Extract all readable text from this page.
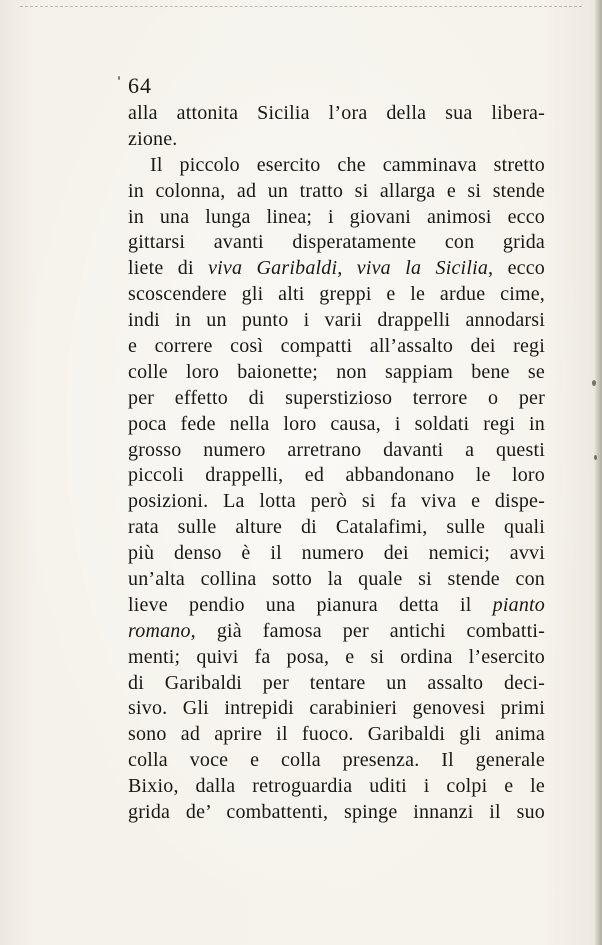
64
alla attonita Sicilia l’ora della sua libera-
zione.
Il piccolo esercito che camminava stretto
in colonna, ad un tratto si allarga e si stende
in una lunga linea; i giovani animosi ecco
gittarsi avanti disperatamente con grida
liete di viva Garibaldi, viva la Sicilia, ecco
scoscendere gli alti greppi e le ardue cime,
indi in un punto i varii drappelli annodarsi
e correre così compatti all’assalto dei regi
colle loro baionette; non sappiam bene se
per effetto di superstizioso terrore o per
poca fede nella loro causa, i soldati regi in
grosso numero arretrano davanti a questi
piccoli drappelli, ed abbandonano le loro
posizioni. La lotta però si fa viva e dispe-
rata sulle alture di Catalafimi, sulle quali
più denso è il numero dei nemici; avvi
un’alta collina sotto la quale si stende con
lieve pendio una pianura detta il pianto
romano, già famosa per antichi combatti-
menti; quivi fa posa, e si ordina l’esercito
di Garibaldi per tentare un assalto deci-
sivo. Gli intrepidi carabinieri genovesi primi
sono ad aprire il fuoco. Garibaldi gli anima
colla voce e colla presenza. Il generale
Bixio, dalla retroguardia uditi i colpi e le
grida de’ combattenti, spinge innanzi il suo
